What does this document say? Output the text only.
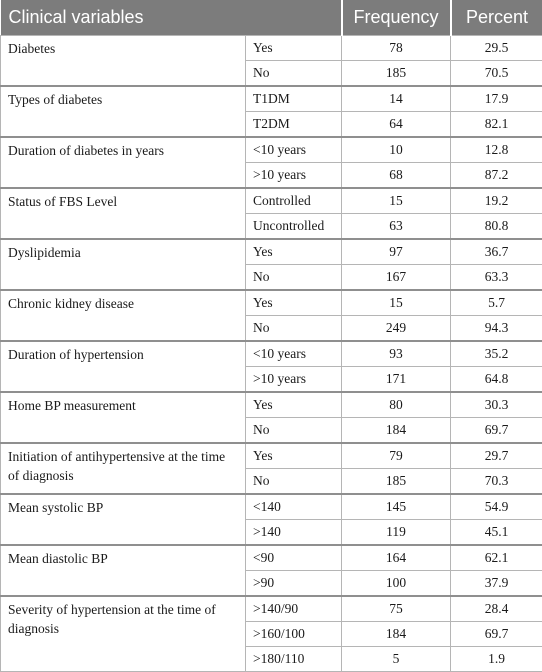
Clinical variables		Frequency	Percent
Diabetes	Yes	78	29.5
	No	185	70.5
Types of diabetes	T1DM	14	17.9
	T2DM	64	82.1
Duration of diabetes in years	<10 years	10	12.8
	>10 years	68	87.2
Status of FBS Level	Controlled	15	19.2
	Uncontrolled	63	80.8
Dyslipidemia	Yes	97	36.7
	No	167	63.3
Chronic kidney disease	Yes	15	5.7
	No	249	94.3
Duration of hypertension	<10 years	93	35.2
	>10 years	171	64.8
Home BP measurement	Yes	80	30.3
	No	184	69.7
Initiation of antihypertensive at the time of diagnosis	Yes	79	29.7
	No	185	70.3
Mean systolic BP	<140	145	54.9
	>140	119	45.1
Mean diastolic BP	<90	164	62.1
	>90	100	37.9
Severity of hypertension at the time of diagnosis	>140/90	75	28.4
	>160/100	184	69.7
	>180/110	5	1.9
